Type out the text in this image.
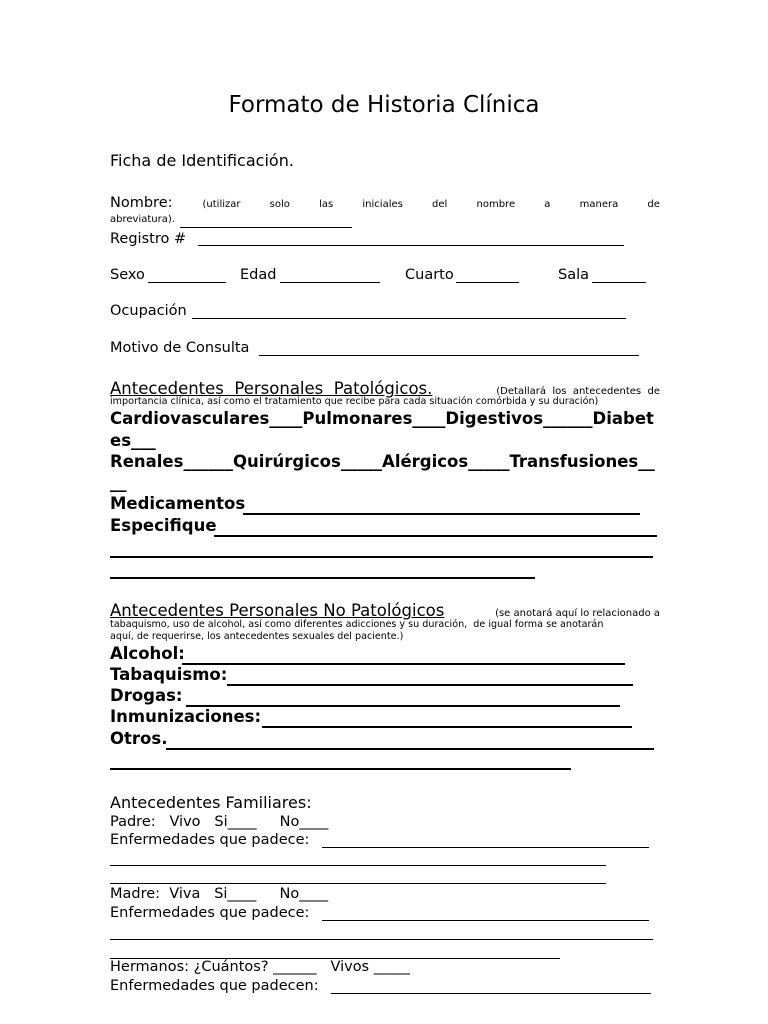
Formato de Historia Clínica
Ficha de Identificación.
Nombre:	(utilizar	solo	las	iniciales	del	nombre	a	manera	de
abreviatura).
Registro #
Sexo	Edad	Cuarto	Sala
Ocupación
Motivo de Consulta
Antecedentes  Personales  Patológicos.	(Detallará  los  antecedentes  de
importancia clínica, así como el tratamiento que recibe para cada situación comórbida y su duración)
Cardiovasculares____Pulmonares____Digestivos______Diabet
es___
Renales______Quirúrgicos_____Alérgicos_____Transfusiones__
__
Medicamentos
Especifique
Antecedentes Personales No Patológicos	(se anotará aquí lo relacionado a
tabaquismo, uso de alcohol, así como diferentes adicciones y su duración,  de igual forma se anotarán
aquí, de requerirse, los antecedentes sexuales del paciente.)
Alcohol:
Tabaquismo:
Drogas:
Inmunizaciones:
Otros.
Antecedentes Familiares:
Padre:   Vivo   Si____     No____
Enfermedades que padece:
Madre:  Viva   Si____     No____
Enfermedades que padece:
Hermanos: ¿Cuántos? ______   Vivos _____
Enfermedades que padecen:
